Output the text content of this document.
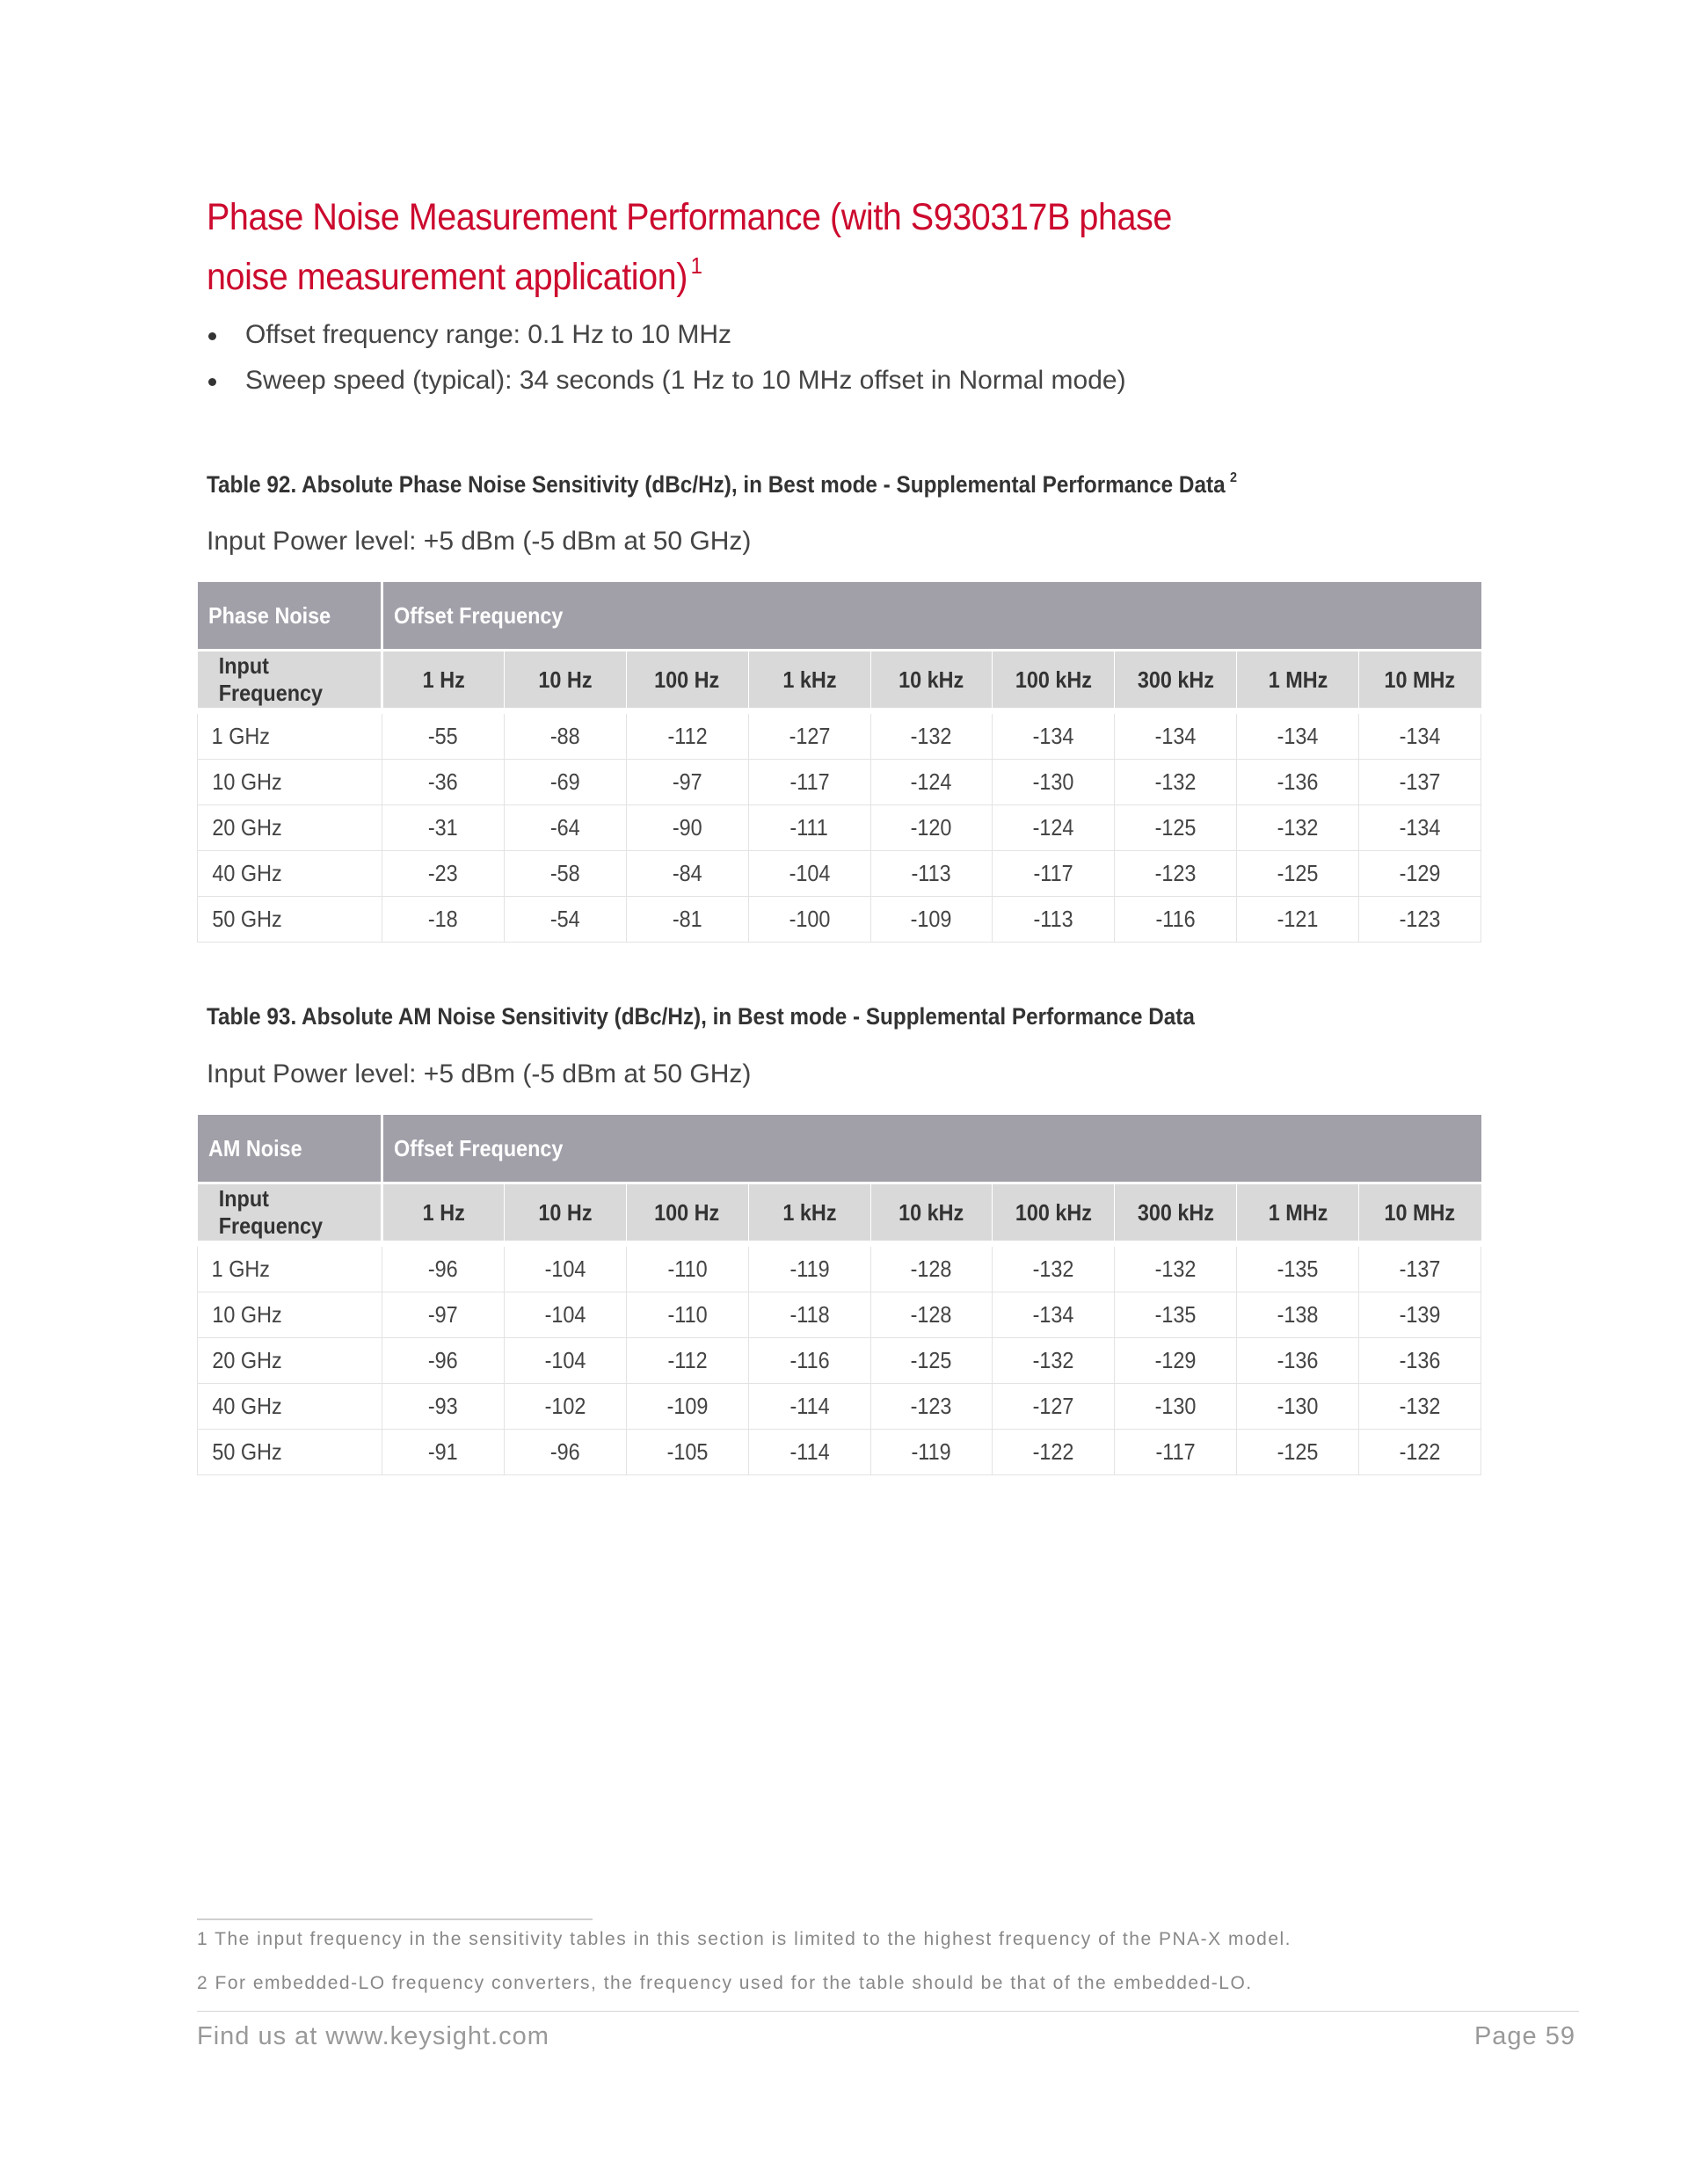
Phase Noise Measurement Performance (with S930317B phase noise measurement application) $^1$
Offset frequency range: 0.1 Hz to 10 MHz
Sweep speed (typical): 34 seconds (1 Hz to 10 MHz offset in Normal mode)
Table 92. Absolute Phase Noise Sensitivity (dBc/Hz), in Best mode - Supplemental Performance Data $^2$
Input Power level: +5 dBm (-5 dBm at 50 GHz)
Phase Noise	Offset Frequency								
Input Frequency	1 Hz	10 Hz	100 Hz	1 kHz	10 kHz	100 kHz	300 kHz	1 MHz	10 MHz
1 GHz	-55	-88	-112	-127	-132	-134	-134	-134	-134
10 GHz	-36	-69	-97	-117	-124	-130	-132	-136	-137
20 GHz	-31	-64	-90	-111	-120	-124	-125	-132	-134
40 GHz	-23	-58	-84	-104	-113	-117	-123	-125	-129
50 GHz	-18	-54	-81	-100	-109	-113	-116	-121	-123
Table 93. Absolute AM Noise Sensitivity (dBc/Hz), in Best mode - Supplemental Performance Data
Input Power level: +5 dBm (-5 dBm at 50 GHz)
AM Noise	Offset Frequency								
Input Frequency	1 Hz	10 Hz	100 Hz	1 kHz	10 kHz	100 kHz	300 kHz	1 MHz	10 MHz
1 GHz	-96	-104	-110	-119	-128	-132	-132	-135	-137
10 GHz	-97	-104	-110	-118	-128	-134	-135	-138	-139
20 GHz	-96	-104	-112	-116	-125	-132	-129	-136	-136
40 GHz	-93	-102	-109	-114	-123	-127	-130	-130	-132
50 GHz	-91	-96	-105	-114	-119	-122	-117	-125	-122
1 The input frequency in the sensitivity tables in this section is limited to the highest frequency of the PNA-X model.
2 For embedded-LO frequency converters, the frequency used for the table should be that of the embedded-LO.
Find us at www.keysight.com	Page 59
